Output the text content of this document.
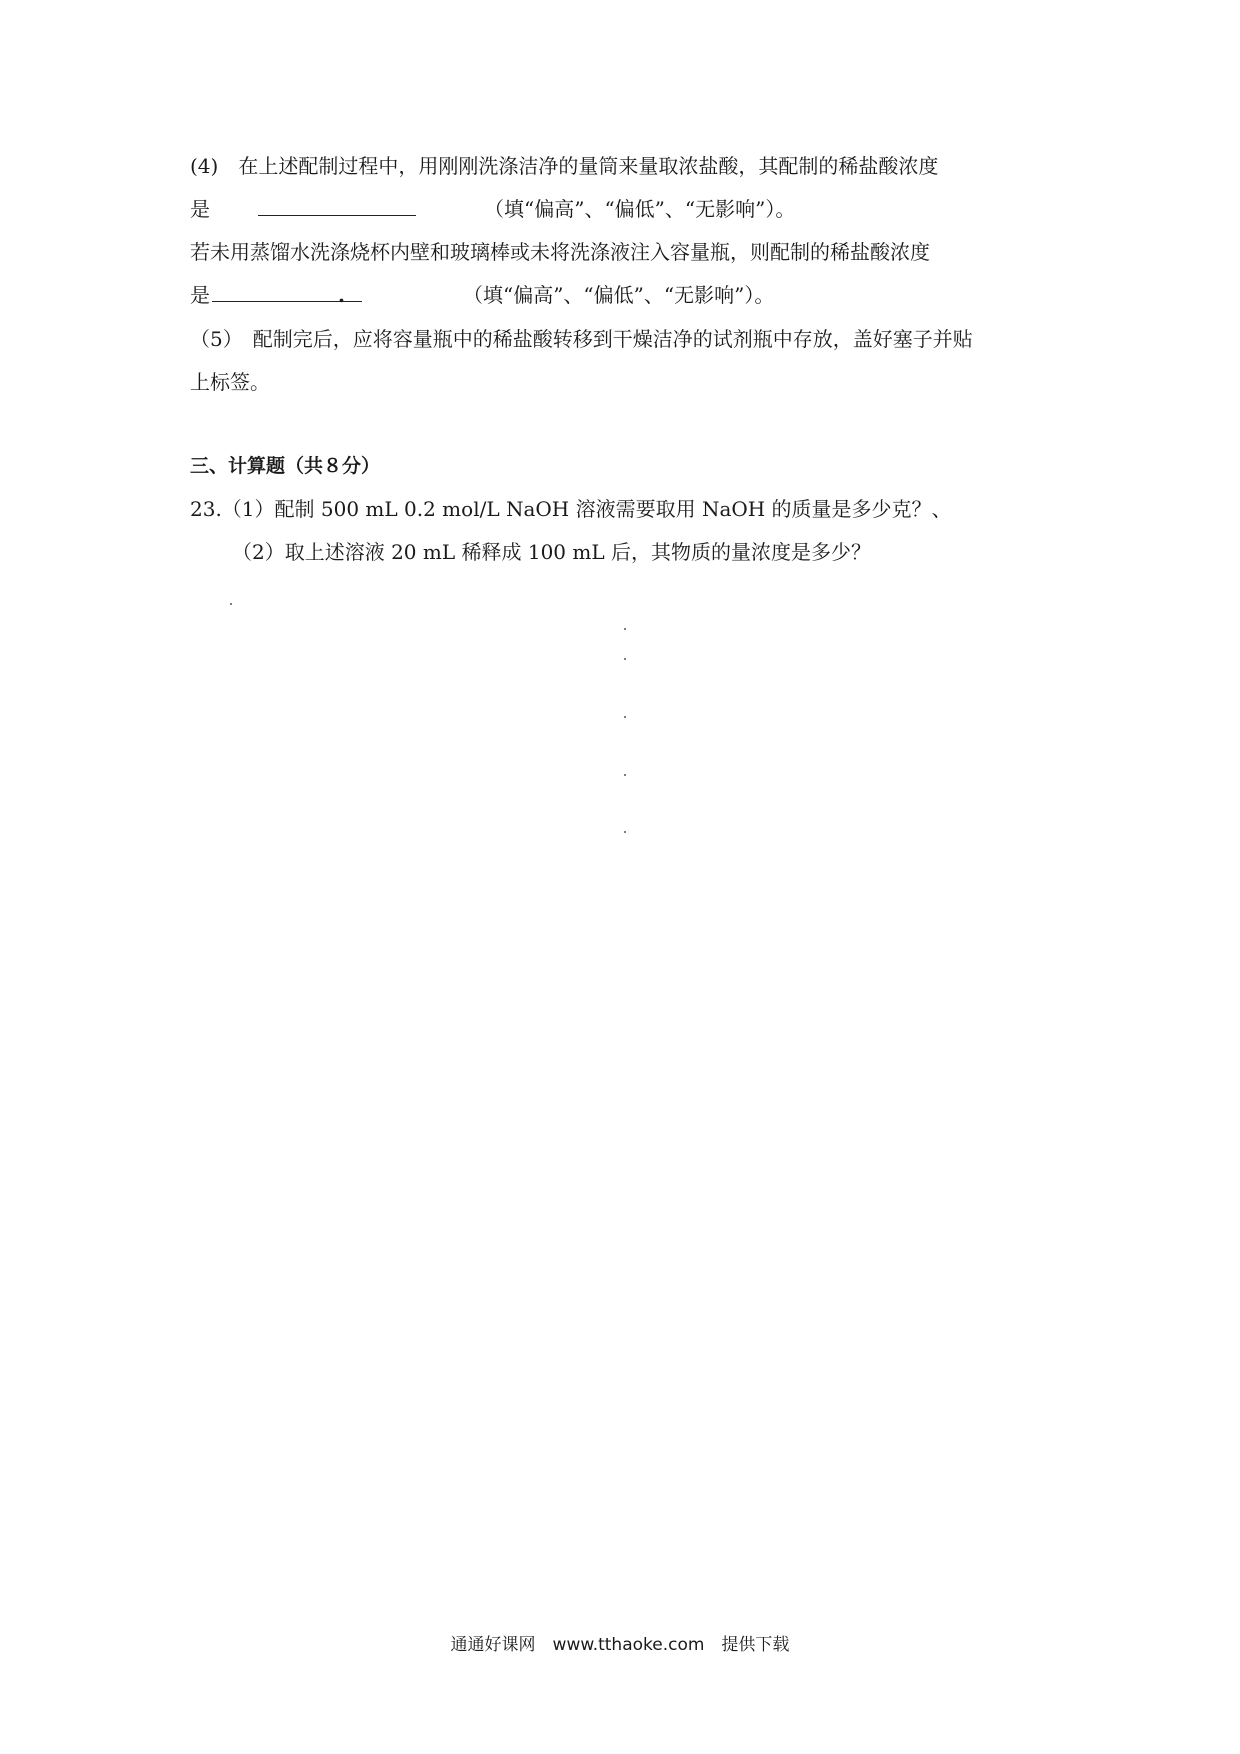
(4)　在上述配制过程中，用刚刚洗涤洁净的量筒来量取浓盐酸，其配制的稀盐酸浓度
是	（填“偏高”、“偏低”、“无影响”）。
若未用蒸馏水洗涤烧杯内壁和玻璃棒或未将洗涤液注入容量瓶，则配制的稀盐酸浓度
是	.	（填“偏高”、“偏低”、“无影响”）。
（5）　配制完后，应将容量瓶中的稀盐酸转移到干燥洁净的试剂瓶中存放，盖好塞子并贴
上标签。
三、计算题（共８分）
23.（1）配制 500 mL 0.2 mol/L NaOH 溶液需要取用 NaOH 的质量是多少克？、
（2）取上述溶液 20 mL 稀释成 100 mL 后，其物质的量浓度是多少？
通通好课网　www.tthaoke.com　提供下载
